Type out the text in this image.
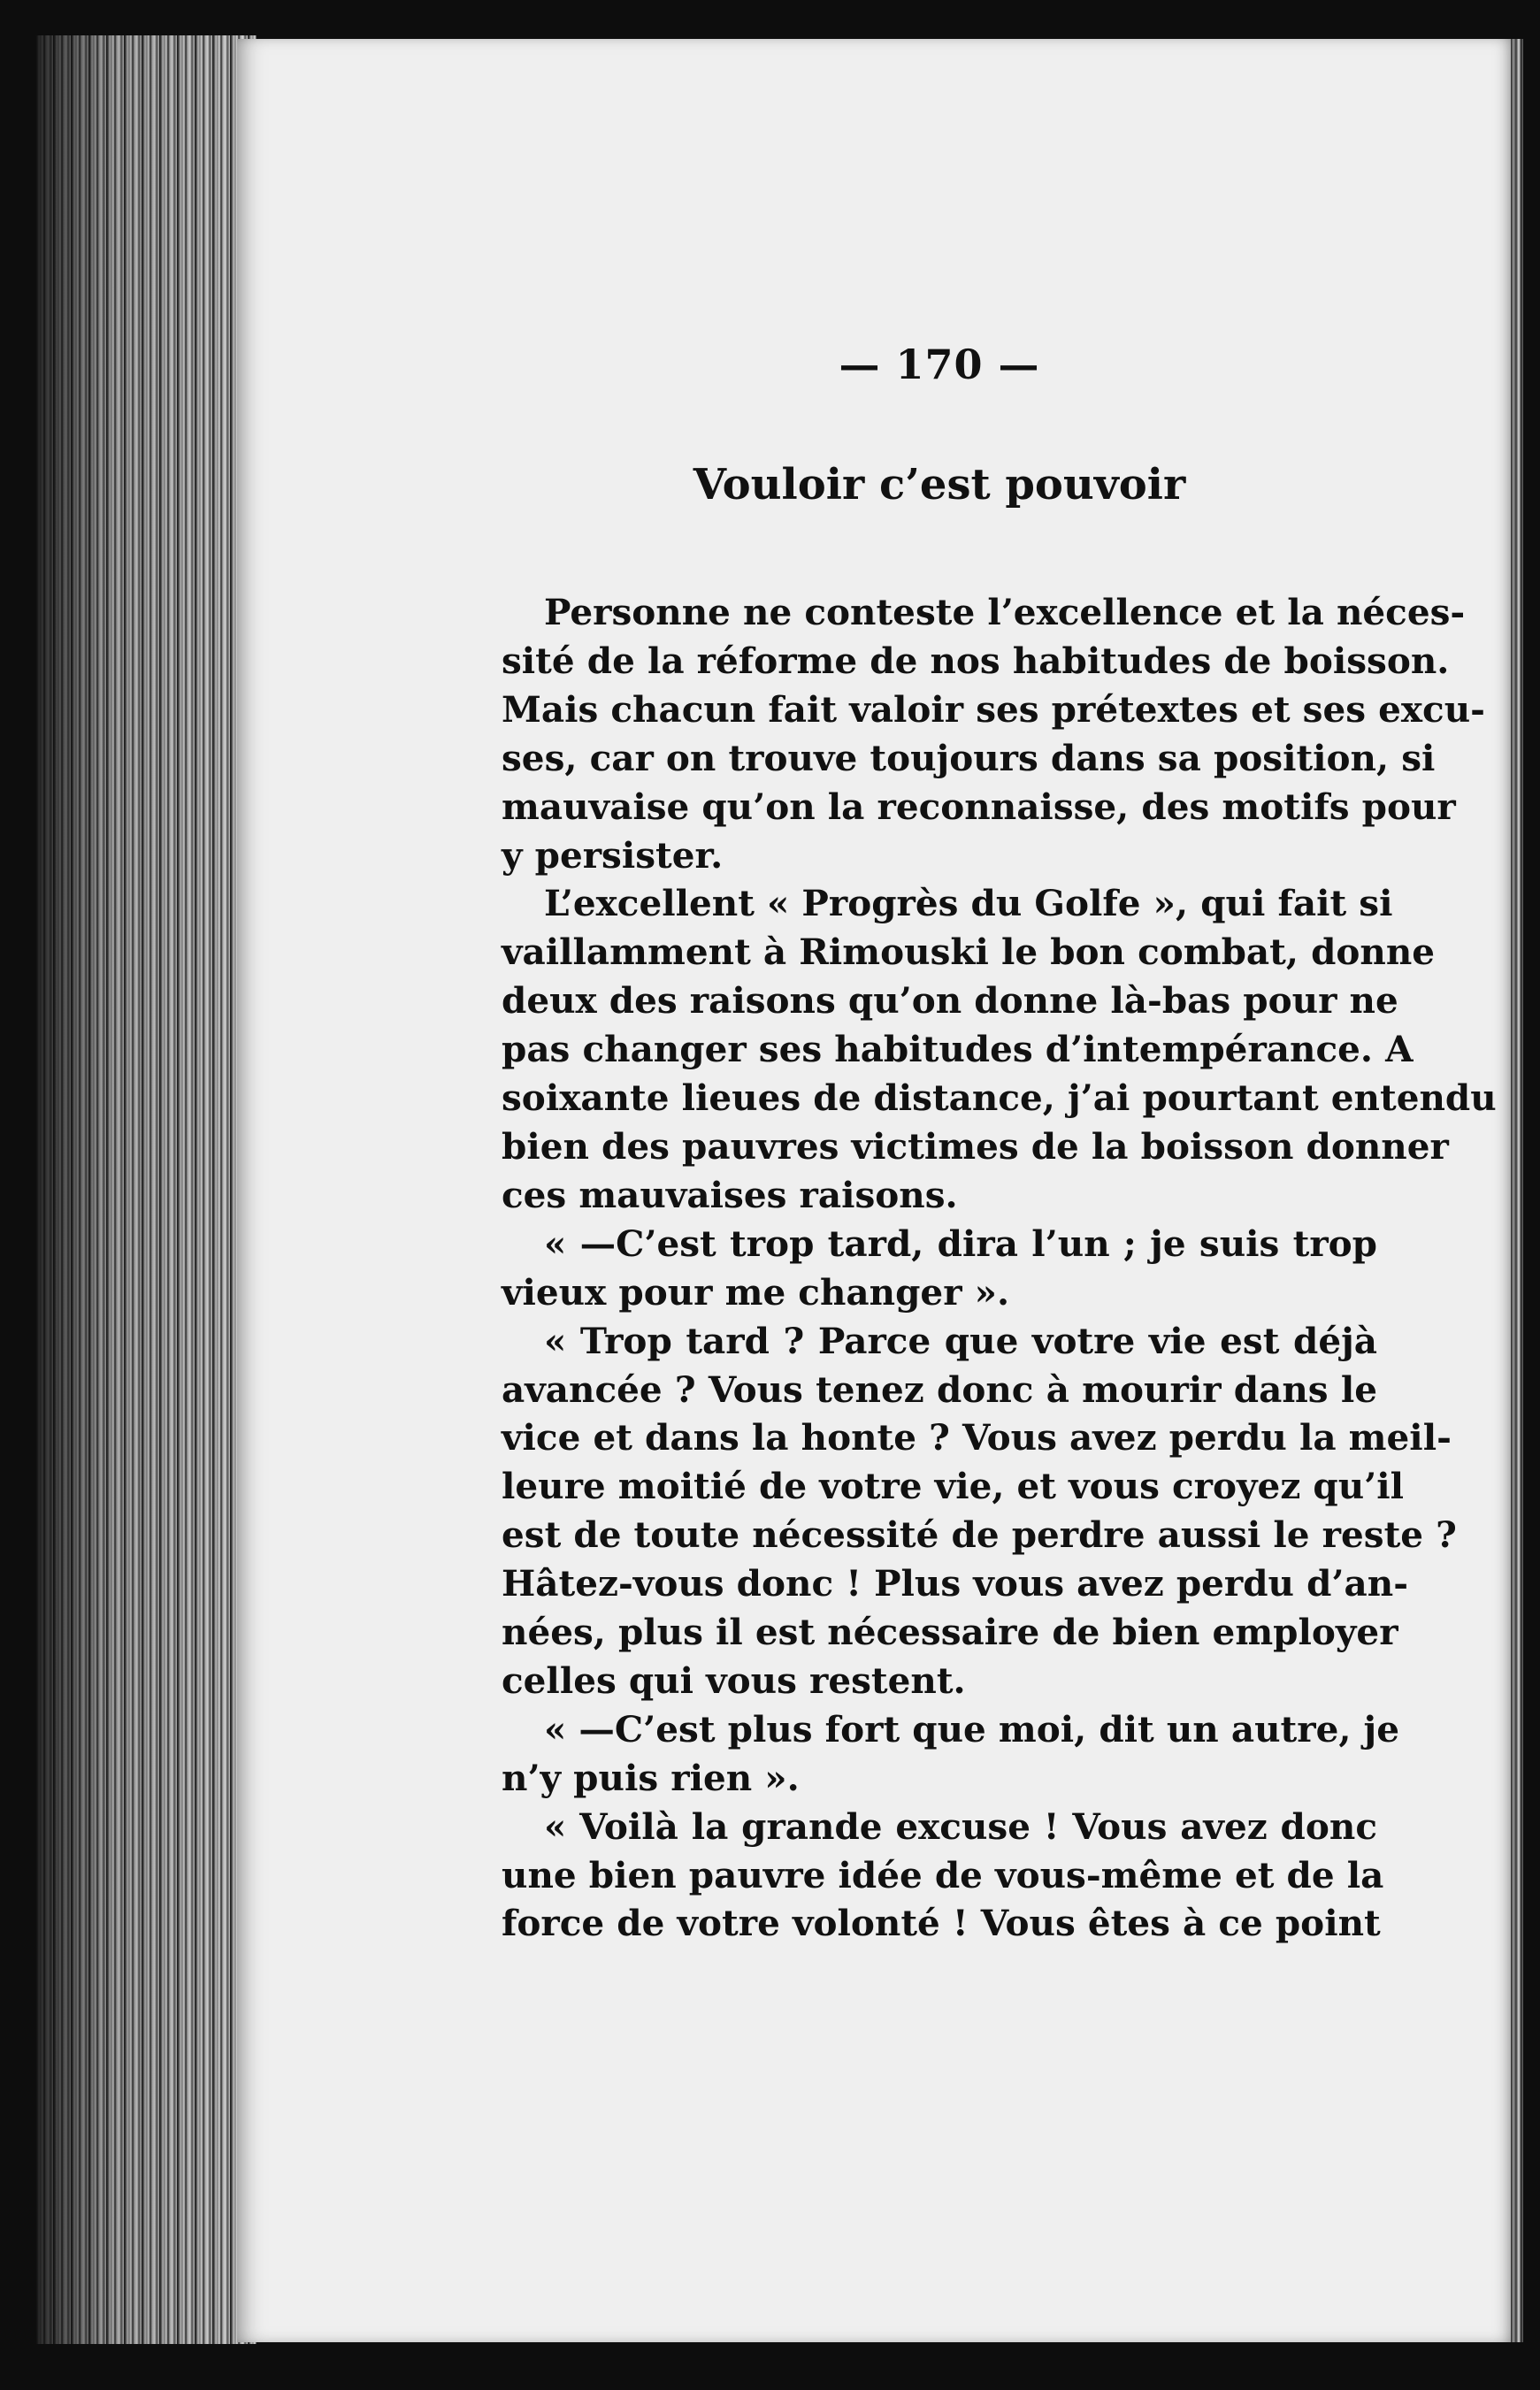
— 170 —
Vouloir c’est pouvoir
Personne ne conteste l’excellence et la néces-
sité de la réforme de nos habitudes de boisson.
Mais chacun fait valoir ses prétextes et ses excu-
ses, car on trouve toujours dans sa position, si
mauvaise qu’on la reconnaisse, des motifs pour
y persister.
L’excellent « Progrès du Golfe », qui fait si
vaillamment à Rimouski le bon combat, donne
deux des raisons qu’on donne là-bas pour ne
pas changer ses habitudes d’intempérance. A
soixante lieues de distance, j’ai pourtant entendu
bien des pauvres victimes de la boisson donner
ces mauvaises raisons.
« —C’est trop tard, dira l’un ; je suis trop
vieux pour me changer ».
« Trop tard ? Parce que votre vie est déjà
avancée ? Vous tenez donc à mourir dans le
vice et dans la honte ? Vous avez perdu la meil-
leure moitié de votre vie, et vous croyez qu’il
est de toute nécessité de perdre aussi le reste ?
Hâtez-vous donc ! Plus vous avez perdu d’an-
nées, plus il est nécessaire de bien employer
celles qui vous restent.
« —C’est plus fort que moi, dit un autre, je
n’y puis rien ».
« Voilà la grande excuse ! Vous avez donc
une bien pauvre idée de vous-même et de la
force de votre volonté ! Vous êtes à ce point
